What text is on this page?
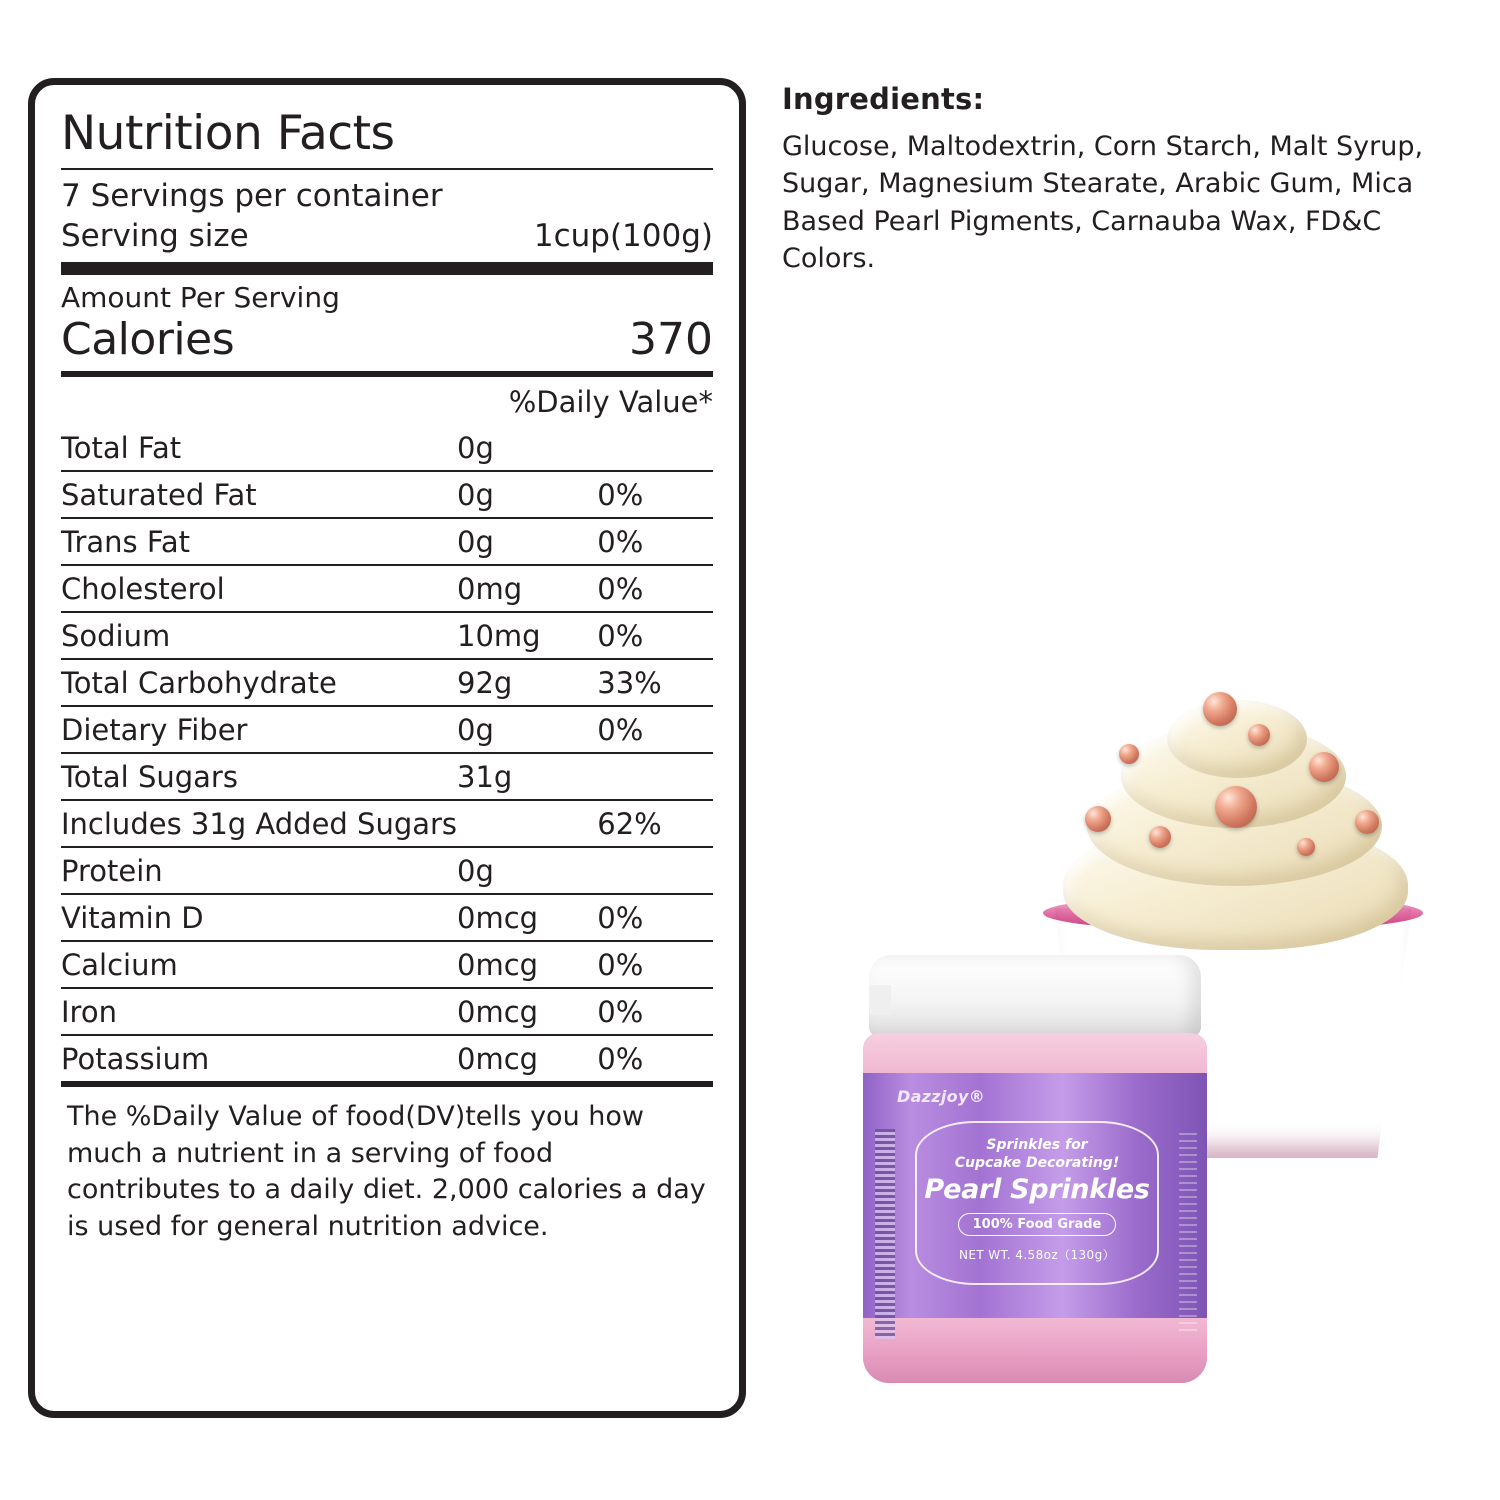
Nutrition Facts
7 Servings per container
Serving size	1cup(100g)
Amount Per Serving
Calories	370
%Daily Value*
Total Fat	0g	
Saturated Fat	0g	0%
Trans Fat	0g	0%
Cholesterol	0mg	0%
Sodium	10mg	0%
Total Carbohydrate	92g	33%
Dietary Fiber	0g	0%
Total Sugars	31g	
Includes 31g Added Sugars		62%
Protein	0g	
Vitamin D	0mcg	0%
Calcium	0mcg	0%
Iron	0mcg	0%
Potassium	0mcg	0%
The %Daily Value of food(DV)tells you how much a nutrient in a serving of food contributes to a daily diet. 2,000 calories a day is used for general nutrition advice.
Ingredients:
Glucose, Maltodextrin, Corn Starch, Malt Syrup, Sugar, Magnesium Stearate, Arabic Gum, Mica Based Pearl Pigments, Carnauba Wax, FD&C Colors.
Dazzjoy®
Sprinkles for
Cupcake Decorating!
Pearl Sprinkles
100% Food Grade
NET WT. 4.58oz（130g）
